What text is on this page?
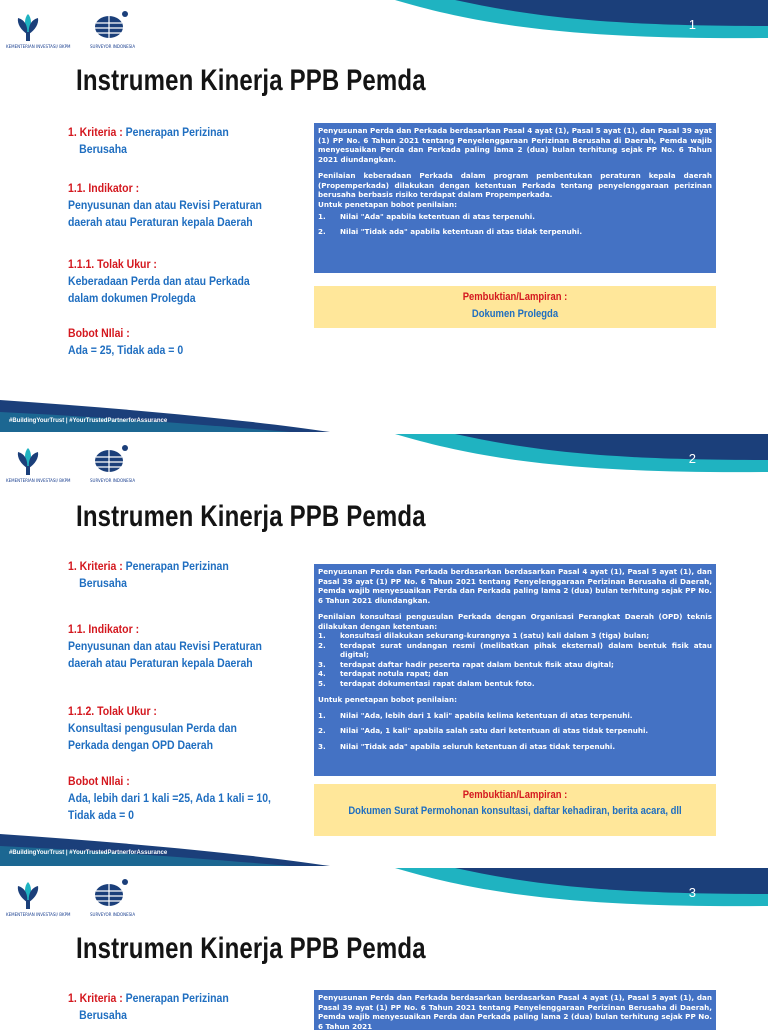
KEMENTERIAN INVESTASI/ BKPM	SURVEYOR INDONESIA
1
Instrumen Kinerja PPB Pemda
1. Kriteria : Penerapan Perizinan
Berusaha
1.1. Indikator :
Penyusunan dan atau Revisi Peraturan
daerah atau Peraturan kepala Daerah
1.1.1. Tolak Ukur :
Keberadaan Perda dan atau Perkada
dalam dokumen Prolegda
Bobot NIlai :
Ada = 25, Tidak ada = 0

Penyusunan Perda dan Perkada berdasarkan Pasal 4 ayat (1), Pasal 5 ayat (1), dan Pasal 39 ayat (1) PP No. 6 Tahun 2021 tentang Penyelenggaraan Perizinan Berusaha di Daerah, Pemda wajib menyesuaikan Perda dan Perkada paling lama 2 (dua) bulan terhitung sejak PP No. 6 Tahun 2021 diundangkan.

Penilaian keberadaan Perkada dalam program pembentukan peraturan kepala daerah (Propemperkada) dilakukan dengan ketentuan Perkada tentang penyelenggaraan perizinan berusaha berbasis risiko terdapat dalam Propemperkada.

Untuk penetapan bobot penilaian:
1.	Nilai "Ada" apabila ketentuan di atas terpenuhi.
2.	Nilai "Tidak ada" apabila ketentuan di atas tidak terpenuhi.
Pembuktian/Lampiran :
Dokumen Prolegda
#BuildingYourTrust | #YourTrustedPartnerforAssurance
KEMENTERIAN INVESTASI/ BKPM	SURVEYOR INDONESIA
2
Instrumen Kinerja PPB Pemda
1. Kriteria : Penerapan Perizinan
Berusaha
1.1. Indikator :
Penyusunan dan atau Revisi Peraturan
daerah atau Peraturan kepala Daerah
1.1.2. Tolak Ukur :
Konsultasi pengusulan Perda dan
Perkada dengan OPD Daerah
Bobot NIlai :
Ada, lebih dari 1 kali =25, Ada 1 kali = 10,
Tidak ada = 0

Penyusunan Perda dan Perkada berdasarkan berdasarkan Pasal 4 ayat (1), Pasal 5 ayat (1), dan Pasal 39 ayat (1) PP No. 6 Tahun 2021 tentang Penyelenggaraan Perizinan Berusaha di Daerah, Pemda wajib menyesuaikan Perda dan Perkada paling lama 2 (dua) bulan terhitung sejak PP No. 6 Tahun 2021 diundangkan.

Penilaian konsultasi pengusulan Perkada dengan Organisasi Perangkat Daerah (OPD) teknis dilakukan dengan ketentuan:

1.	konsultasi dilakukan sekurang-kurangnya 1 (satu) kali dalam 3 (tiga) bulan;
2.	terdapat surat undangan resmi (melibatkan pihak eksternal) dalam bentuk fisik atau digital;
3.	terdapat daftar hadir peserta rapat dalam bentuk fisik atau digital;
4.	terdapat notula rapat; dan
5.	terdapat dokumentasi rapat dalam bentuk foto.
Untuk penetapan bobot penilaian:
1.	Nilai "Ada, lebih dari 1 kali" apabila kelima ketentuan di atas terpenuhi.
2.	Nilai "Ada, 1 kali" apabila salah satu dari ketentuan di atas tidak terpenuhi.
3.	Nilai "Tidak ada" apabila seluruh ketentuan di atas tidak terpenuhi.
Pembuktian/Lampiran :
Dokumen Surat Permohonan konsultasi, daftar kehadiran, berita acara, dll
#BuildingYourTrust | #YourTrustedPartnerforAssurance
KEMENTERIAN INVESTASI/ BKPM	SURVEYOR INDONESIA
3
Instrumen Kinerja PPB Pemda
1. Kriteria : Penerapan Perizinan
Berusaha

Penyusunan Perda dan Perkada berdasarkan berdasarkan Pasal 4 ayat (1), Pasal 5 ayat (1), dan Pasal 39 ayat (1) PP No. 6 Tahun 2021 tentang Penyelenggaraan Perizinan Berusaha di Daerah, Pemda wajib menyesuaikan Perda dan Perkada paling lama 2 (dua) bulan terhitung sejak PP No. 6 Tahun 2021
